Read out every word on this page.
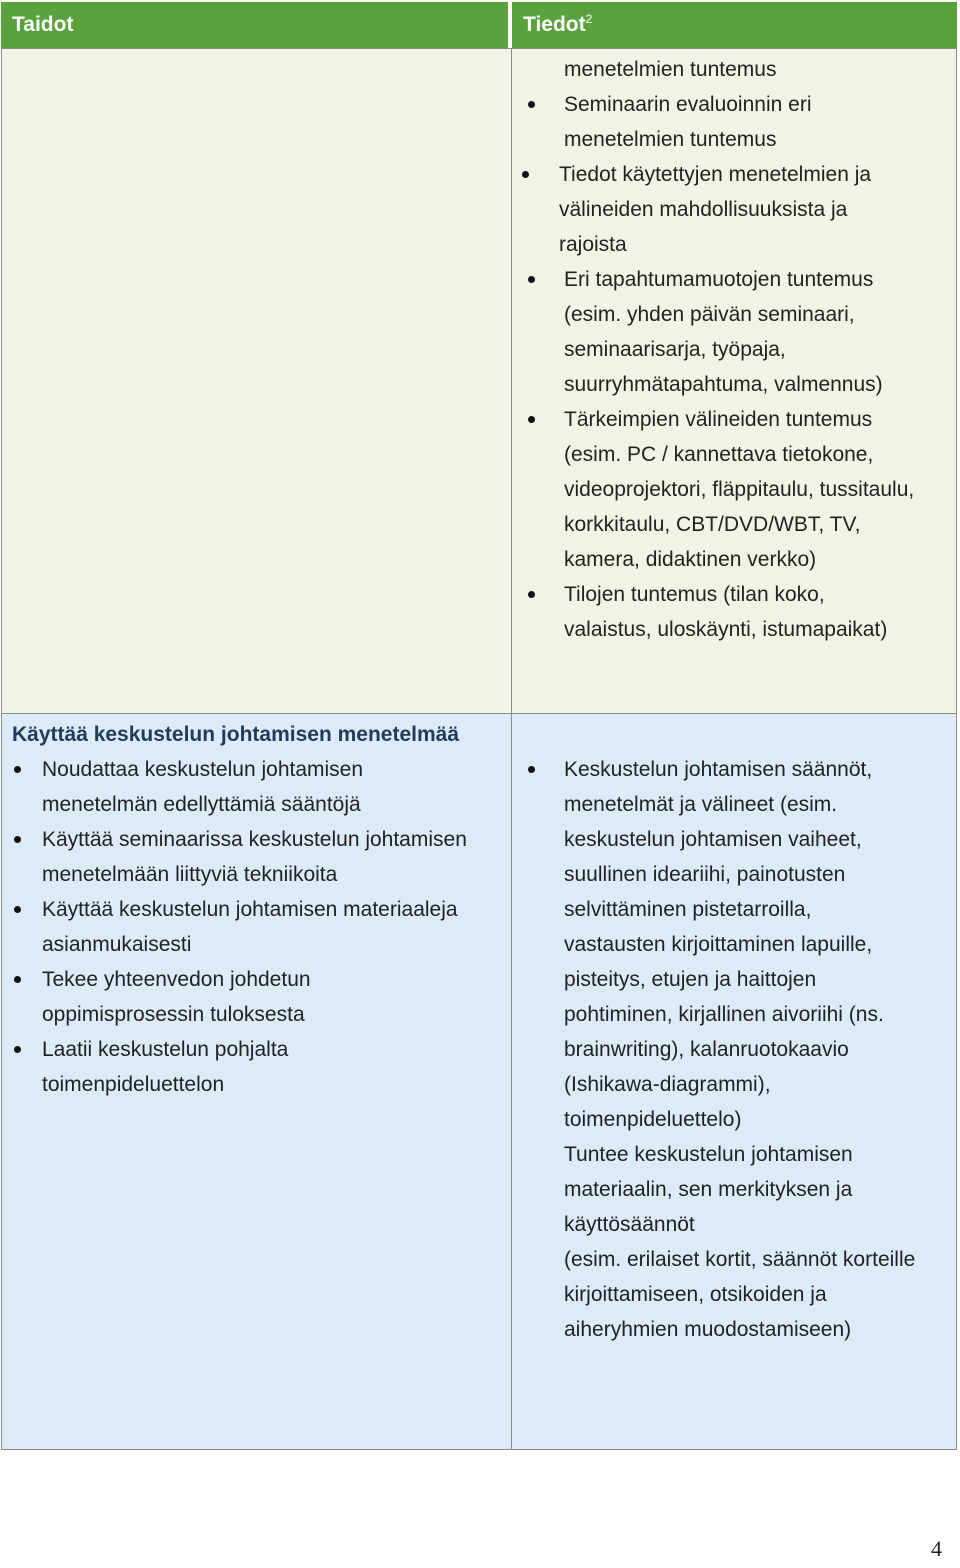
Taidot	Tiedot$^2$
menetelmien tuntemus
Seminaarin evaluoinnin eri
menetelmien tuntemus
Tiedot käytettyjen menetelmien ja
välineiden mahdollisuuksista ja
rajoista
Eri tapahtumamuotojen tuntemus
(esim. yhden päivän seminaari,
seminaarisarja, työpaja,
suurryhmätapahtuma, valmennus)
Tärkeimpien välineiden tuntemus
(esim. PC / kannettava tietokone,
videoprojektori, fläppitaulu, tussitaulu,
korkkitaulu, CBT/DVD/WBT, TV,
kamera, didaktinen verkko)
Tilojen tuntemus (tilan koko,
valaistus, uloskäynti, istumapaikat)
Käyttää keskustelun johtamisen menetelmää
Noudattaa keskustelun johtamisen
menetelmän edellyttämiä sääntöjä
Käyttää seminaarissa keskustelun johtamisen
menetelmään liittyviä tekniikoita
Käyttää keskustelun johtamisen materiaaleja
asianmukaisesti
Tekee yhteenvedon johdetun
oppimisprosessin tuloksesta
Laatii keskustelun pohjalta
toimenpideluettelon
Keskustelun johtamisen säännöt,
menetelmät ja välineet (esim.
keskustelun johtamisen vaiheet,
suullinen ideariihi, painotusten
selvittäminen pistetarroilla,
vastausten kirjoittaminen lapuille,
pisteitys, etujen ja haittojen
pohtiminen, kirjallinen aivoriihi (ns.
brainwriting), kalanruotokaavio
(Ishikawa-diagrammi),
toimenpideluettelo)
Tuntee keskustelun johtamisen
materiaalin, sen merkityksen ja
käyttösäännöt
(esim. erilaiset kortit, säännöt korteille
kirjoittamiseen, otsikoiden ja
aiheryhmien muodostamiseen)
4
